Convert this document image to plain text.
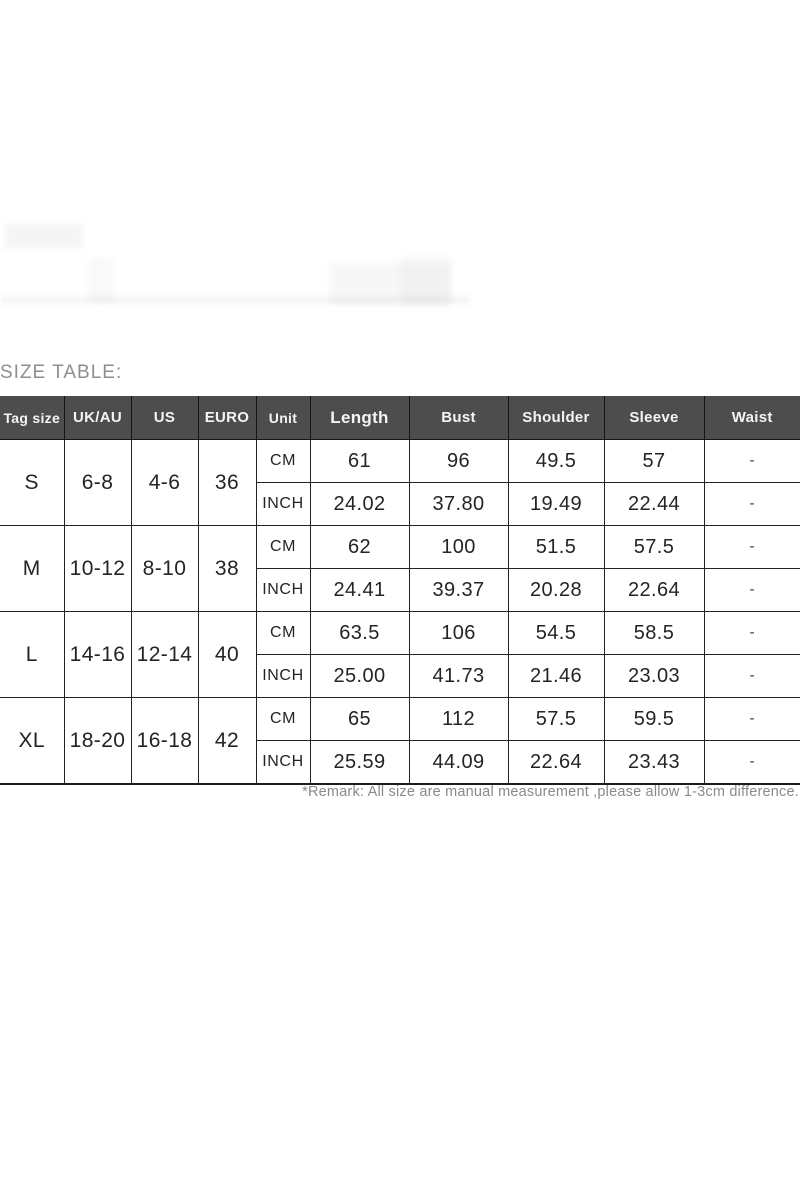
SIZE TABLE:
Tag size	UK/AU	US	EURO	Unit	Length	Bust	Shoulder	Sleeve	Waist
S	6-8	4-6	36	CM	61	96	49.5	57	-
				INCH	24.02	37.80	19.49	22.44	-
M	10-12	8-10	38	CM	62	100	51.5	57.5	-
				INCH	24.41	39.37	20.28	22.64	-
L	14-16	12-14	40	CM	63.5	106	54.5	58.5	-
				INCH	25.00	41.73	21.46	23.03	-
XL	18-20	16-18	42	CM	65	112	57.5	59.5	-
				INCH	25.59	44.09	22.64	23.43	-
*Remark: All size are manual measurement ,please allow 1-3cm difference.
